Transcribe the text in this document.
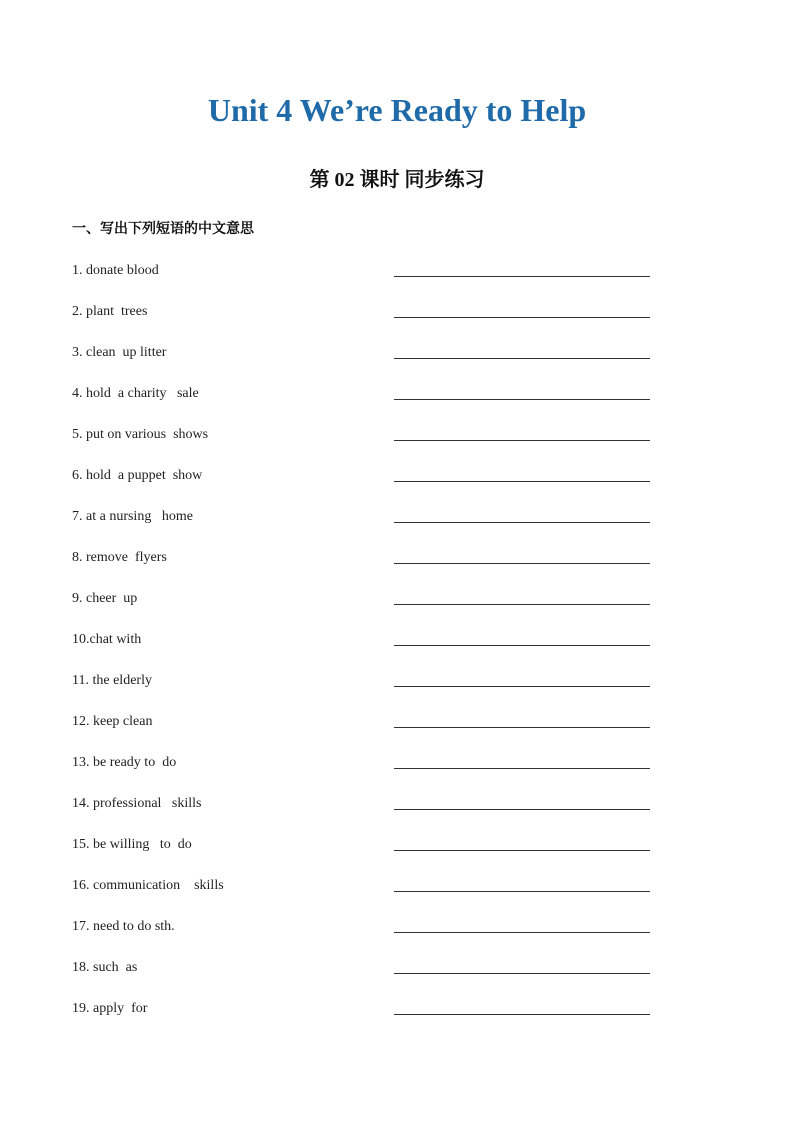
Unit 4 We’re Ready to Help
第 02 课时 同步练习
一、写出下列短语的中文意思
1. donate blood
2. plant  trees
3. clean  up litter
4. hold  a charity   sale
5. put on various  shows
6. hold  a puppet  show
7. at a nursing   home
8. remove  flyers
9. cheer  up
10.chat with
11. the elderly
12. keep clean
13. be ready to  do
14. professional   skills
15. be willing   to  do
16. communication    skills
17. need to do sth.
18. such  as
19. apply  for
